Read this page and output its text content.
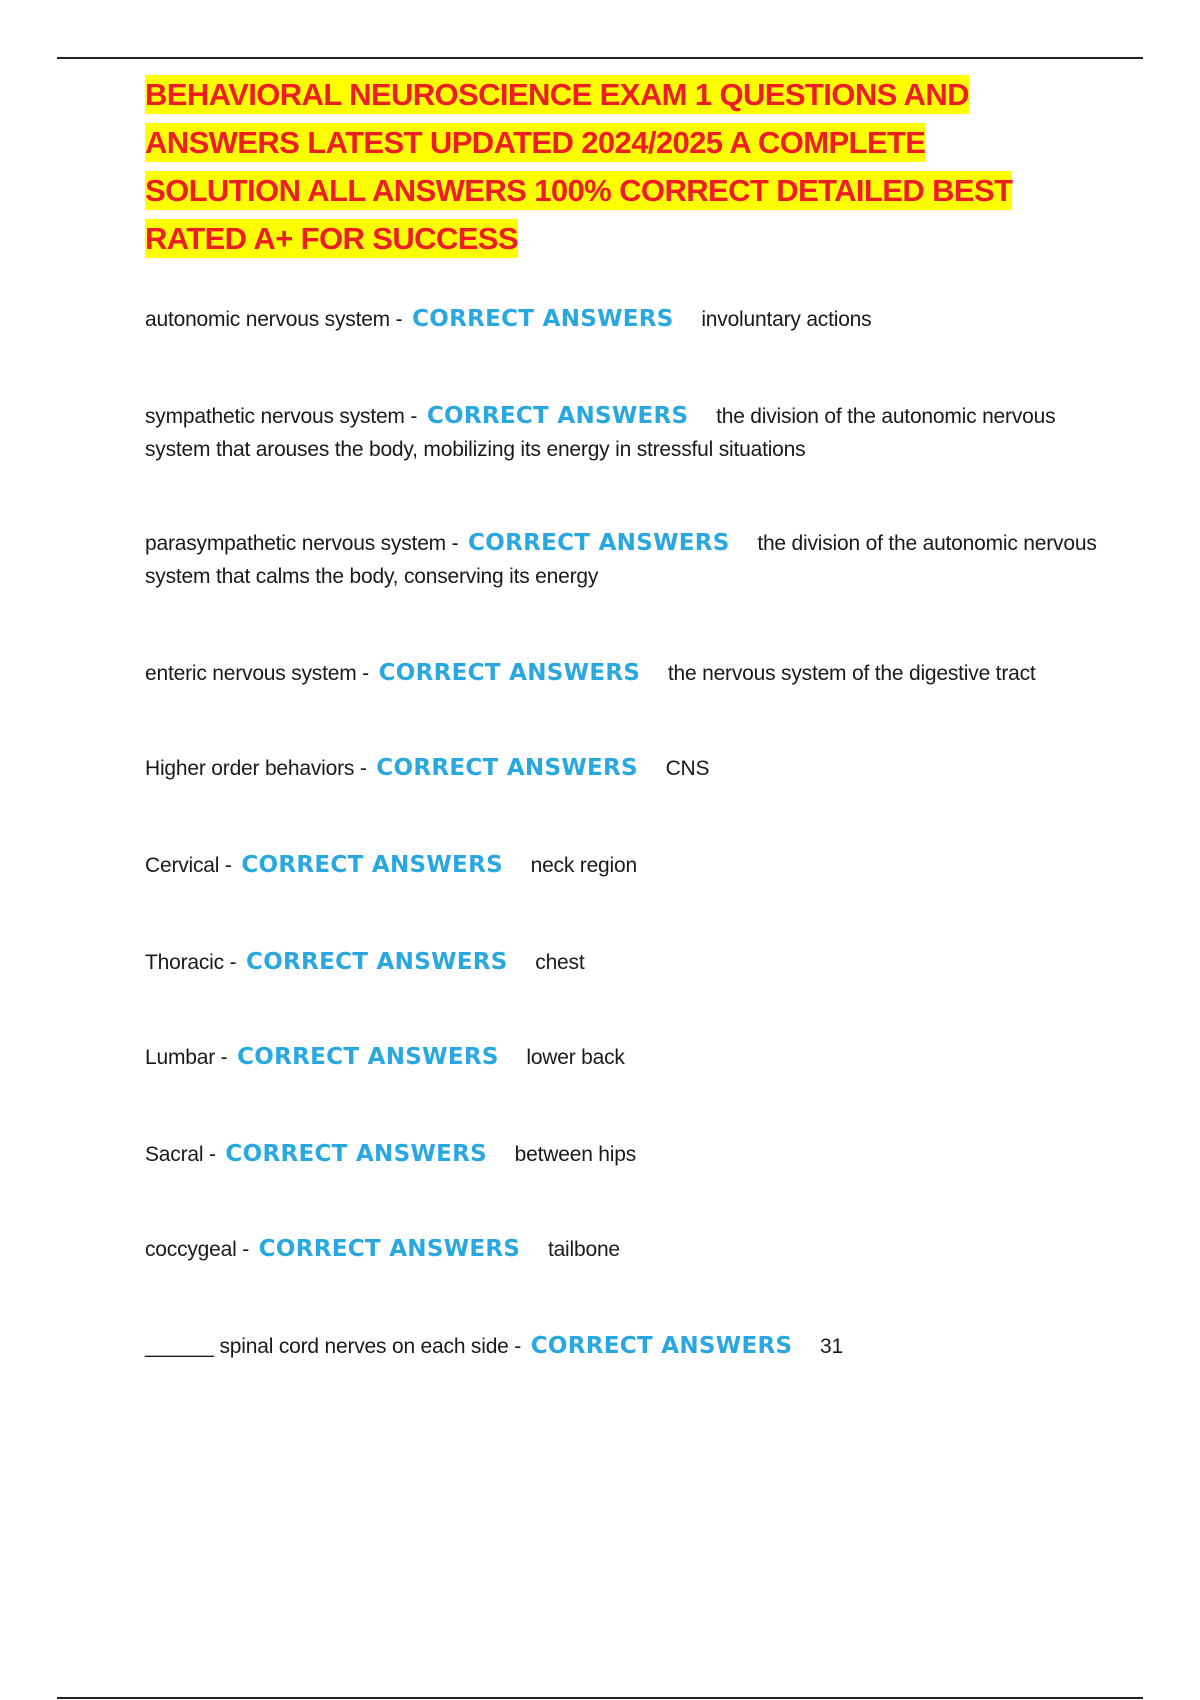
BEHAVIORAL NEUROSCIENCE EXAM 1 QUESTIONS AND
ANSWERS LATEST UPDATED 2024/2025 A COMPLETE
SOLUTION ALL ANSWERS 100% CORRECT DETAILED BEST
RATED A+ FOR SUCCESS

autonomic nervous system - CORRECT ANSWERS involuntary actions

sympathetic nervous system - CORRECT ANSWERS the division of the autonomic nervous system that arouses the body, mobilizing its energy in stressful situations

parasympathetic nervous system - CORRECT ANSWERS the division of the autonomic nervous system that calms the body, conserving its energy

enteric nervous system - CORRECT ANSWERS the nervous system of the digestive tract

Higher order behaviors - CORRECT ANSWERS CNS

Cervical - CORRECT ANSWERS neck region

Thoracic - CORRECT ANSWERS chest

Lumbar - CORRECT ANSWERS lower back

Sacral - CORRECT ANSWERS between hips

coccygeal - CORRECT ANSWERS tailbone

______ spinal cord nerves on each side - CORRECT ANSWERS 31
